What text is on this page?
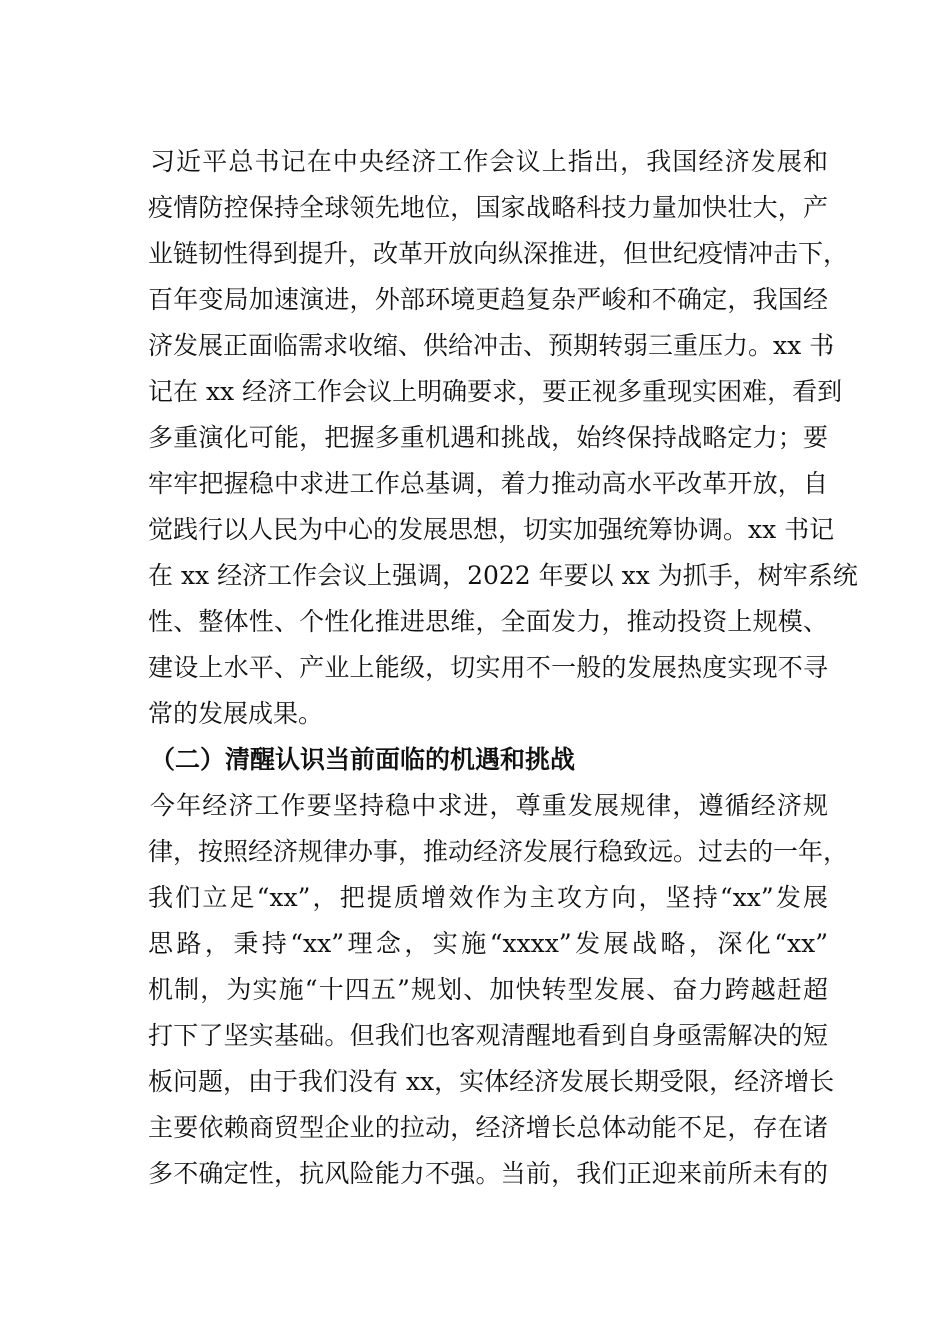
习近平总书记在中央经济工作会议上指出，我国经济发展和
疫情防控保持全球领先地位，国家战略科技力量加快壮大，产
业链韧性得到提升，改革开放向纵深推进，但世纪疫情冲击下，
百年变局加速演进，外部环境更趋复杂严峻和不确定，我国经
济发展正面临需求收缩、供给冲击、预期转弱三重压力。xx 书
记在 xx 经济工作会议上明确要求，要正视多重现实困难，看到
多重演化可能，把握多重机遇和挑战，始终保持战略定力；要
牢牢把握稳中求进工作总基调，着力推动高水平改革开放，自
觉践行以人民为中心的发展思想，切实加强统筹协调。xx 书记
在 xx 经济工作会议上强调，2022 年要以 xx 为抓手，树牢系统
性、整体性、个性化推进思维，全面发力，推动投资上规模、
建设上水平、产业上能级，切实用不一般的发展热度实现不寻
常的发展成果。
（二）清醒认识当前面临的机遇和挑战
今年经济工作要坚持稳中求进，尊重发展规律，遵循经济规
律，按照经济规律办事，推动经济发展行稳致远。过去的一年，
我们立足“xx”，把提质增效作为主攻方向，坚持“xx”发展
思路，秉持“xx”理念，实施“xxxx”发展战略，深化“xx”
机制，为实施“十四五”规划、加快转型发展、奋力跨越赶超
打下了坚实基础。但我们也客观清醒地看到自身亟需解决的短
板问题，由于我们没有 xx，实体经济发展长期受限，经济增长
主要依赖商贸型企业的拉动，经济增长总体动能不足，存在诸
多不确定性，抗风险能力不强。当前，我们正迎来前所未有的
